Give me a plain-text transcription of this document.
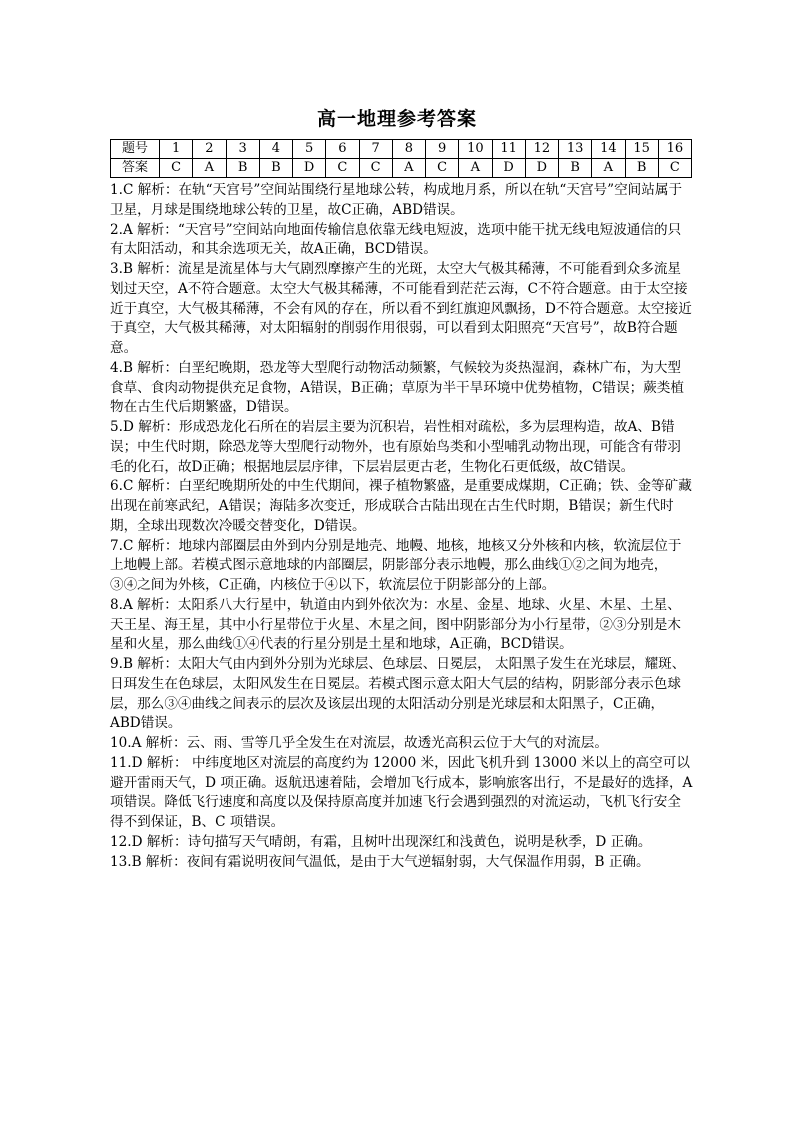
高一地理参考答案
题号	1	2	3	4	5	6	7	8	9	10	11	12	13	14	15	16
答案	C	A	B	B	D	C	C	A	C	A	D	D	B	A	B	C

1.C 解析：在轨“天宫号”空间站围绕行星地球公转，构成地月系，所以在轨“天宫号”空间站属于卫星，月球是围绕地球公转的卫星，故C正确，ABD错误。

2.A 解析：“天宫号”空间站向地面传输信息依靠无线电短波，选项中能干扰无线电短波通信的只有太阳活动，和其余选项无关，故A正确，BCD错误。

3.B 解析：流星是流星体与大气剧烈摩擦产生的光斑，太空大气极其稀薄，不可能看到众多流星划过天空，A不符合题意。太空大气极其稀薄，不可能看到茫茫云海，C不符合题意。由于太空接近于真空，大气极其稀薄，不会有风的存在，所以看不到红旗迎风飘扬，D不符合题意。太空接近于真空，大气极其稀薄，对太阳辐射的削弱作用很弱，可以看到太阳照亮“天宫号”，故B符合题意。

4.B 解析：白垩纪晚期，恐龙等大型爬行动物活动频繁，气候较为炎热湿润，森林广布，为大型食草、食肉动物提供充足食物，A错误，B正确；草原为半干旱环境中优势植物，C错误；蕨类植物在古生代后期繁盛，D错误。

5.D 解析：形成恐龙化石所在的岩层主要为沉积岩，岩性相对疏松，多为层理构造，故A、B错误；中生代时期，除恐龙等大型爬行动物外，也有原始鸟类和小型哺乳动物出现，可能含有带羽毛的化石，故D正确；根据地层层序律，下层岩层更古老，生物化石更低级，故C错误。

6.C 解析：白垩纪晚期所处的中生代期间，裸子植物繁盛，是重要成煤期，C正确；铁、金等矿藏出现在前寒武纪，A错误；海陆多次变迁，形成联合古陆出现在古生代时期，B错误；新生代时期，全球出现数次冷暖交替变化，D错误。

7.C 解析：地球内部圈层由外到内分别是地壳、地幔、地核，地核又分外核和内核，软流层位于上地幔上部。若模式图示意地球的内部圈层，阴影部分表示地幔，那么曲线①②之间为地壳，③④之间为外核，C正确，内核位于④以下，软流层位于阴影部分的上部。

8.A 解析：太阳系八大行星中，轨道由内到外依次为：水星、金星、地球、火星、木星、土星、天王星、海王星，其中小行星带位于火星、木星之间，图中阴影部分为小行星带，②③分别是木星和火星，那么曲线①④代表的行星分别是土星和地球，A正确，BCD错误。

9.B 解析：太阳大气由内到外分别为光球层、色球层、日冕层， 太阳黑子发生在光球层，耀斑、日珥发生在色球层，太阳风发生在日冕层。若模式图示意太阳大气层的结构，阴影部分表示色球层，那么③④曲线之间表示的层次及该层出现的太阳活动分别是光球层和太阳黑子，C正确，ABD错误。

10.A 解析：云、雨、雪等几乎全发生在对流层，故透光高积云位于大气的对流层。

11.D 解析： 中纬度地区对流层的高度约为 12000 米，因此飞机升到 13000 米以上的高空可以避开雷雨天气，D 项正确。返航迅速着陆，会增加飞行成本，影响旅客出行，不是最好的选择，A 项错误。降低飞行速度和高度以及保持原高度并加速飞行会遇到强烈的对流运动，飞机飞行安全得不到保证，B、C 项错误。

12.D 解析：诗句描写天气晴朗，有霜，且树叶出现深红和浅黄色，说明是秋季，D 正确。

13.B 解析：夜间有霜说明夜间气温低，是由于大气逆辐射弱，大气保温作用弱，B 正确。
